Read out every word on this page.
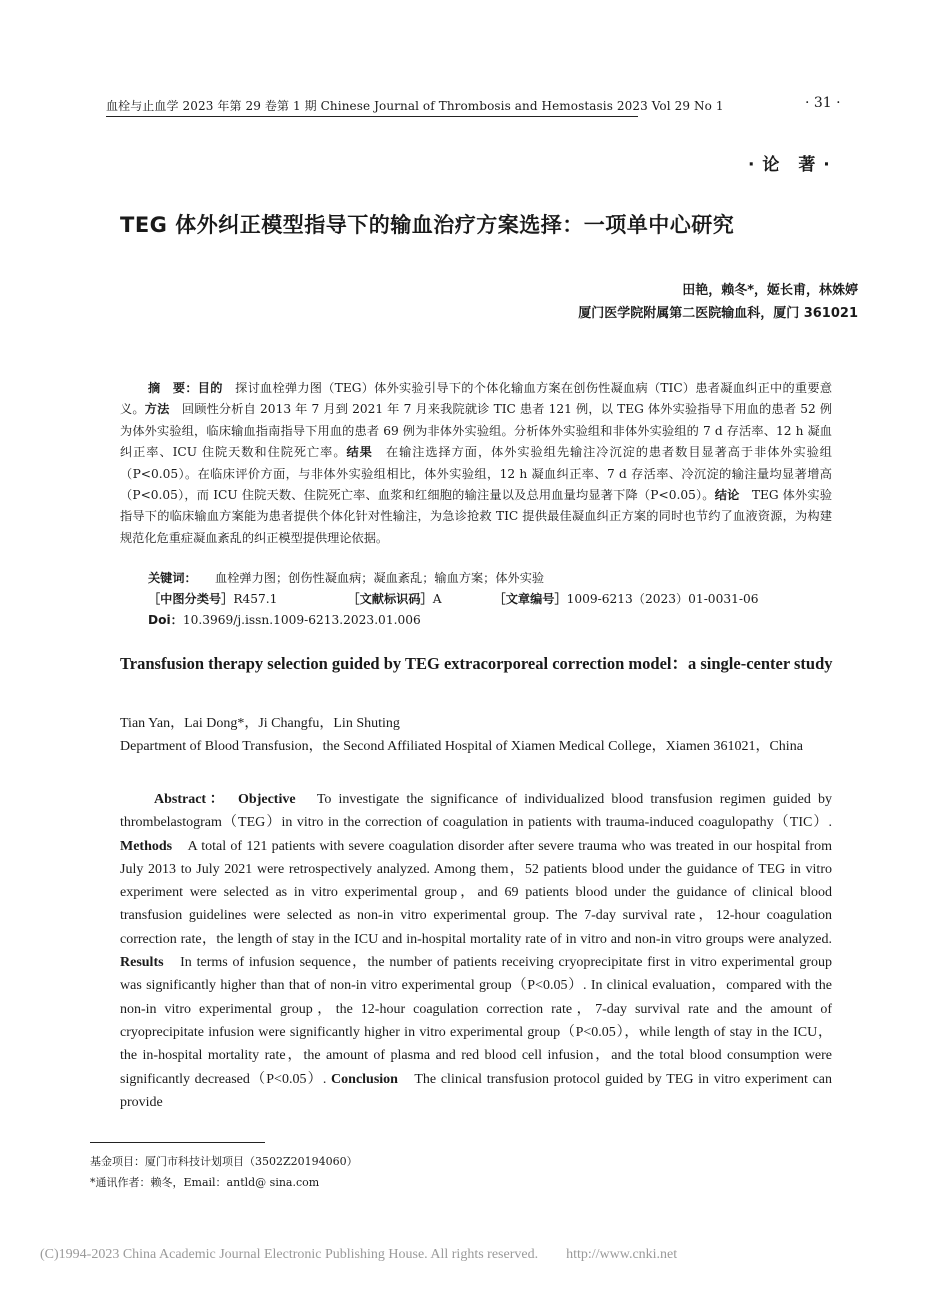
血栓与止血学 2023 年第 29 卷第 1 期 Chinese Journal of Thrombosis and Hemostasis 2023 Vol 29 No 1	· 31 ·
· 论　著 ·
TEG 体外纠正模型指导下的输血治疗方案选择：一项单中心研究
田艳，赖冬*，姬长甫，林姝婷
厦门医学院附属第二医院输血科，厦门 361021
摘　要：目的　 探讨血栓弹力图（TEG）体外实验引导下的个体化输血方案在创伤性凝血病（TIC）患者凝血纠正中的重要意义。方法　 回顾性分析自 2013 年 7 月到 2021 年 7 月来我院就诊 TIC 患者 121 例，以 TEG 体外实验指导下用血的患者 52 例为体外实验组，临床输血指南指导下用血的患者 69 例为非体外实验组。分析体外实验组和非体外实验组的 7 d 存活率、12 h 凝血纠正率、ICU 住院天数和住院死亡率。结果　 在输注选择方面，体外实验组先输注冷沉淀的患者数目显著高于非体外实验组（P<0.05）。在临床评价方面，与非体外实验组相比，体外实验组，12 h 凝血纠正率、7 d 存活率、冷沉淀的输注量均显著增高（P<0.05），而 ICU 住院天数、住院死亡率、血浆和红细胞的输注量以及总用血量均显著下降（P<0.05）。结论　 TEG 体外实验指导下的临床输血方案能为患者提供个体化针对性输注，为急诊抢救 TIC 提供最佳凝血纠正方案的同时也节约了血液资源，为构建规范化危重症凝血紊乱的纠正模型提供理论依据。
关键词：　　 血栓弹力图；创伤性凝血病；凝血紊乱；输血方案；体外实验
［中图分类号］R457.1	［文献标识码］A	［文章编号］1009-6213（2023）01-0031-06
Doi：10.3969/j.issn.1009-6213.2023.01.006
Transfusion therapy selection guided by TEG extracorporeal correction model：a single-center study
Tian Yan，Lai Dong*，Ji Changfu，Lin Shuting
Department of Blood Transfusion，the Second Affiliated Hospital of Xiamen Medical College，Xiamen 361021，China
Abstract：　 Objective　 To investigate the significance of individualized blood transfusion regimen guided by thrombelastogram（TEG）in vitro in the correction of coagulation in patients with trauma-induced coagulopathy（TIC）. Methods　 A total of 121 patients with severe coagulation disorder after severe trauma who was treated in our hospital from July 2013 to July 2021 were retrospectively analyzed. Among them，52 patients blood under the guidance of TEG in vitro experiment were selected as in vitro experimental group，and 69 patients blood under the guidance of clinical blood transfusion guidelines were selected as non-in vitro experimental group. The 7-day survival rate，12-hour coagulation correction rate，the length of stay in the ICU and in-hospital mortality rate of in vitro and non-in vitro groups were analyzed. Results　 In terms of infusion sequence，the number of patients receiving cryoprecipitate first in vitro experimental group was significantly higher than that of non-in vitro experimental group（P<0.05）. In clinical evaluation，compared with the non-in vitro experimental group，the 12-hour coagulation correction rate，7-day survival rate and the amount of cryoprecipitate infusion were significantly higher in vitro experimental group（P<0.05），while length of stay in the ICU，the in-hospital mortality rate，the amount of plasma and red blood cell infusion，and the total blood consumption were significantly decreased（P<0.05）. Conclusion　 The clinical transfusion protocol guided by TEG in vitro experiment can provide
基金项目：厦门市科技计划项目（3502Z20194060）
*通讯作者：赖冬，Email：antld@ sina.com
(C)1994-2023 China Academic Journal Electronic Publishing House. All rights reserved.　　http://www.cnki.net
